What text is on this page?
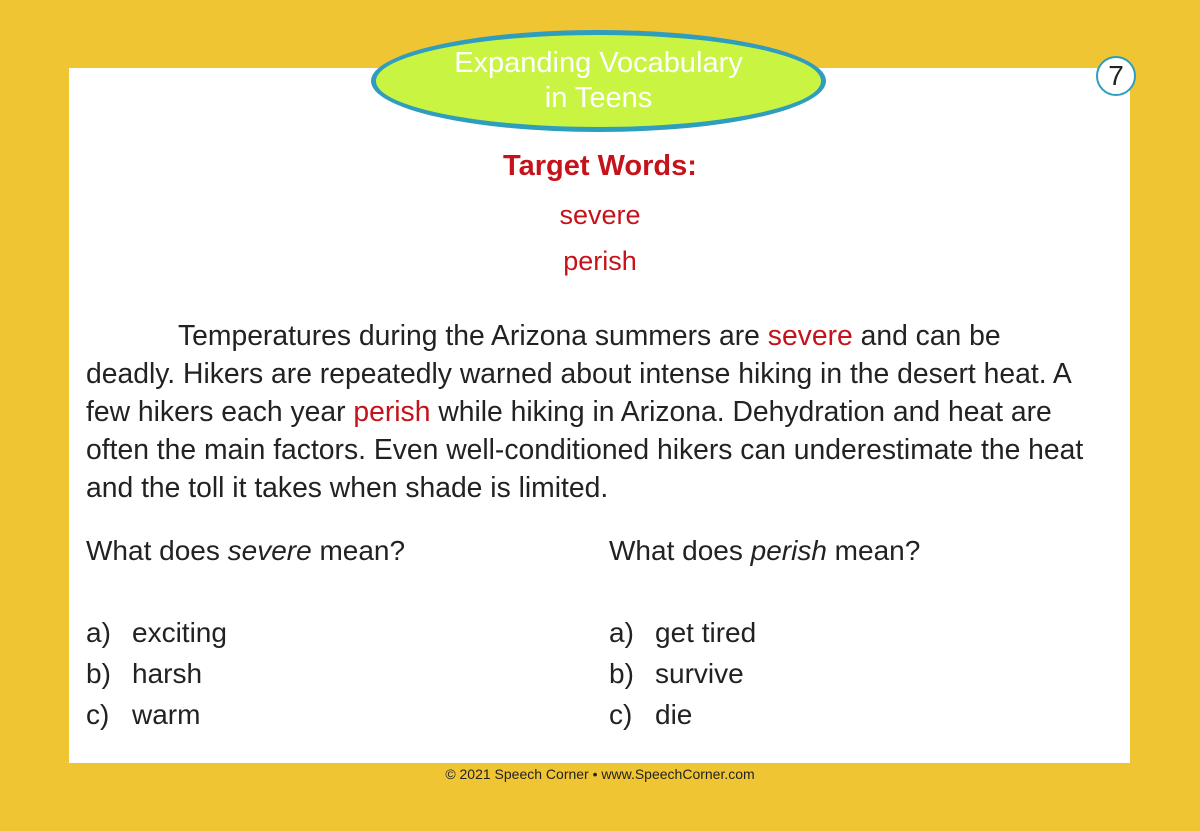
Expanding Vocabulary
in Teens
7
Target Words:
severe
perish
Temperatures during the Arizona summers are severe and can be deadly. Hikers are repeatedly warned about intense hiking in the desert heat. A few hikers each year perish while hiking in Arizona. Dehydration and heat are often the main factors. Even well-conditioned hikers can underestimate the heat and the toll it takes when shade is limited.
What does severe mean?	What does perish mean?
a) exciting
b) harsh
c) warm
a) get tired
b) survive
c) die
© 2021 Speech Corner • www.SpeechCorner.com
